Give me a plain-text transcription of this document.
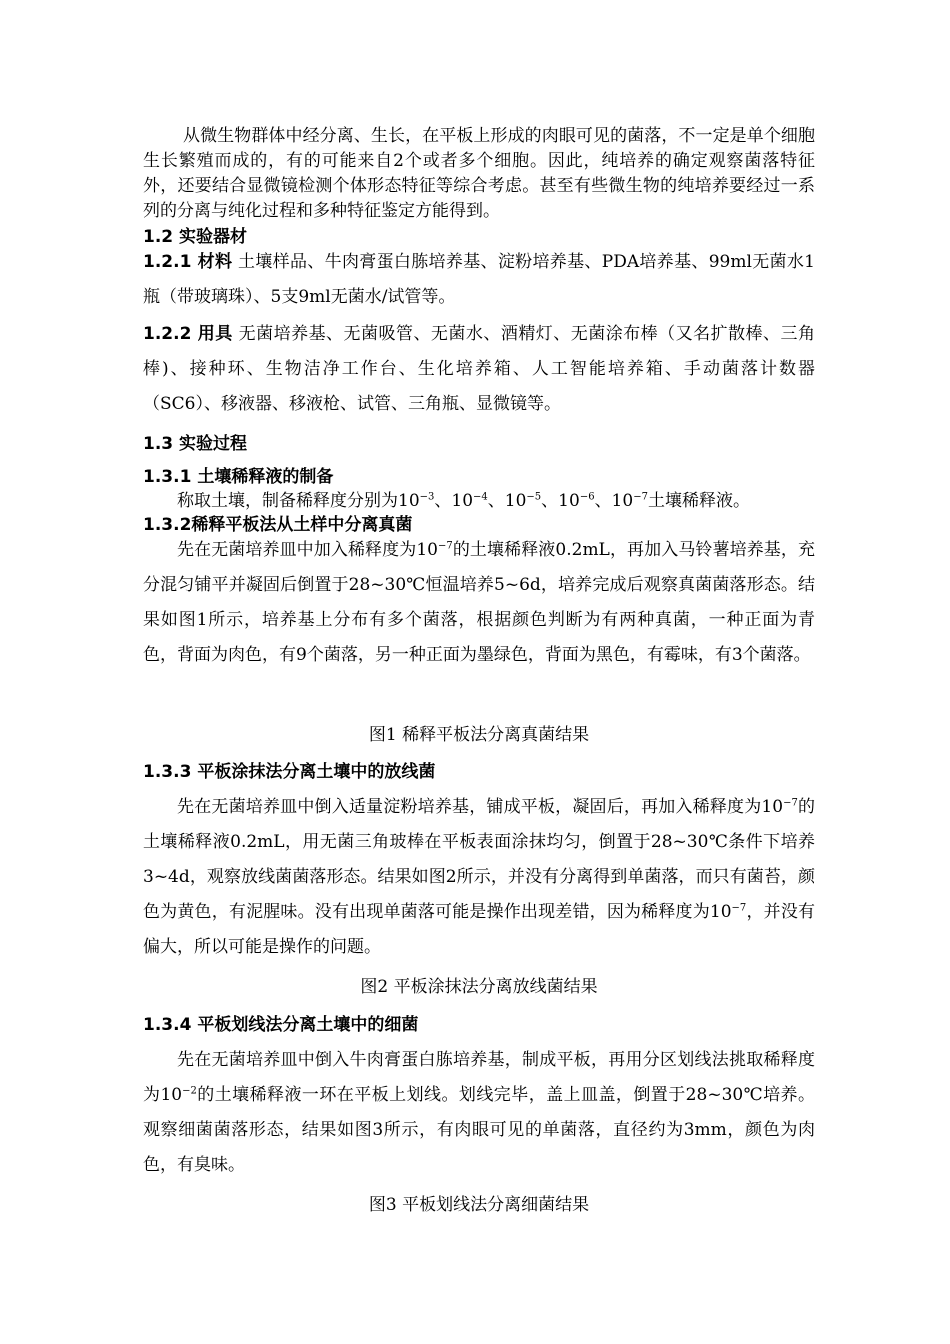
从微生物群体中经分离、生长，在平板上形成的肉眼可见的菌落，不一定是单个细胞生长繁殖而成的，有的可能来自2个或者多个细胞。因此，纯培养的确定观察菌落特征外，还要结合显微镜检测个体形态特征等综合考虑。甚至有些微生物的纯培养要经过一系列的分离与纯化过程和多种特征鉴定方能得到。

1.2 实验器材

1.2.1 材料 土壤样品、牛肉膏蛋白胨培养基、淀粉培养基、PDA培养基、99ml无菌水1瓶（带玻璃珠）、5支9ml无菌水/试管等。

1.2.2 用具 无菌培养基、无菌吸管、无菌水、酒精灯、无菌涂布棒（又名扩散棒、三角棒)、接种环、生物洁净工作台、生化培养箱、人工智能培养箱、手动菌落计数器（SC6）、移液器、移液枪、试管、三角瓶、显微镜等。

1.3 实验过程

1.3.1 土壤稀释液的制备

称取土壤，制备稀释度分别为$10^{-3}$、$10^{-4}$、$10^{-5}$、$10^{-6}$、$10^{-7}$土壤稀释液。

1.3.2稀释平板法从土样中分离真菌

先在无菌培养皿中加入稀释度为$10^{-7}$的土壤稀释液0.2mL，再加入马铃薯培养基，充分混匀铺平并凝固后倒置于28~30℃恒温培养5~6d，培养完成后观察真菌菌落形态。结果如图1所示，培养基上分布有多个菌落，根据颜色判断为有两种真菌，一种正面为青色，背面为肉色，有9个菌落，另一种正面为墨绿色，背面为黑色，有霉味，有3个菌落。

图1 稀释平板法分离真菌结果

1.3.3 平板涂抹法分离土壤中的放线菌

先在无菌培养皿中倒入适量淀粉培养基，铺成平板，凝固后，再加入稀释度为$10^{-7}$的土壤稀释液0.2mL，用无菌三角玻棒在平板表面涂抹均匀，倒置于28~30℃条件下培养3~4d，观察放线菌菌落形态。结果如图2所示，并没有分离得到单菌落，而只有菌苔，颜色为黄色，有泥腥味。没有出现单菌落可能是操作出现差错，因为稀释度为$10^{-7}$，并没有偏大，所以可能是操作的问题。

图2 平板涂抹法分离放线菌结果

1.3.4 平板划线法分离土壤中的细菌

先在无菌培养皿中倒入牛肉膏蛋白胨培养基，制成平板，再用分区划线法挑取稀释度为$10^{-2}$的土壤稀释液一环在平板上划线。划线完毕，盖上皿盖，倒置于28~30℃培养。观察细菌菌落形态，结果如图3所示，有肉眼可见的单菌落，直径约为3mm，颜色为肉色，有臭味。

图3 平板划线法分离细菌结果
